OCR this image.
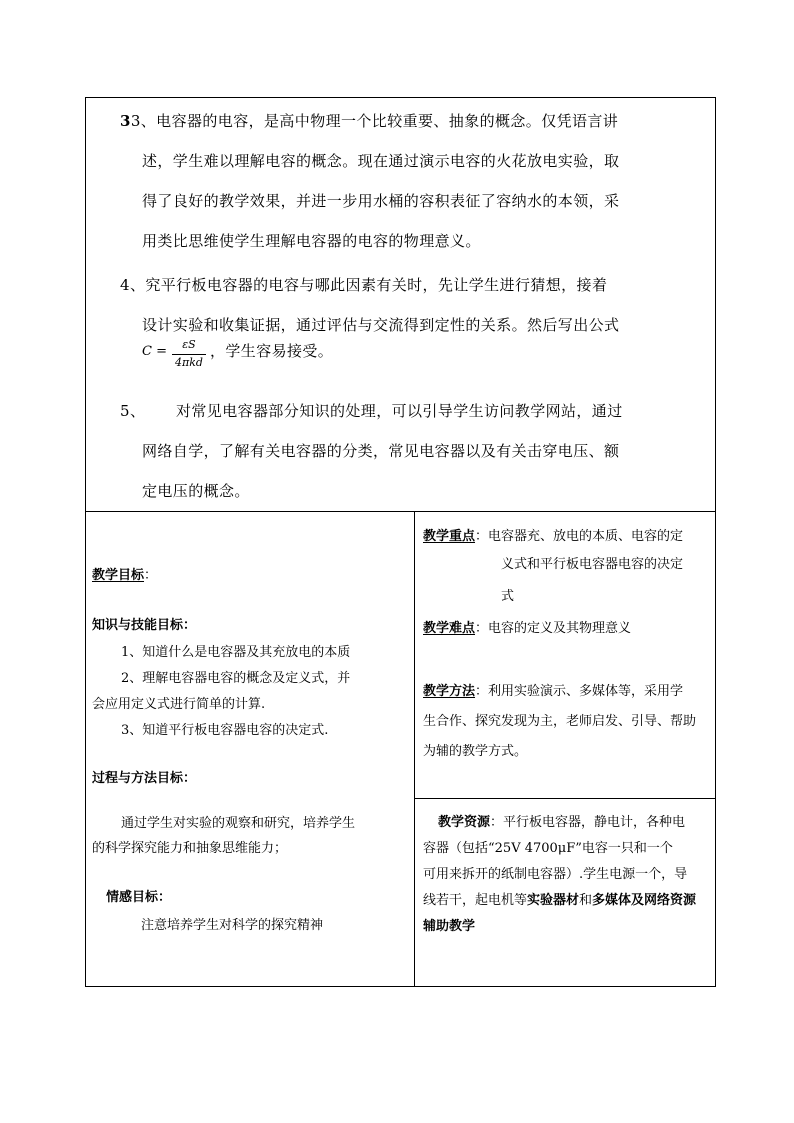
33、电容器的电容，是高中物理一个比较重要、抽象的概念。仅凭语言讲
述，学生难以理解电容的概念。现在通过演示电容的火花放电实验，取
得了良好的教学效果，并进一步用水桶的容积表征了容纳水的本领，采
用类比思维使学生理解电容器的电容的物理意义。
4、究平行板电容器的电容与哪此因素有关时，先让学生进行猜想，接着
设计实验和收集证据，通过评估与交流得到定性的关系。然后写出公式
C =	εS
4πkd
，学生容易接受。
5、 对常见电容器部分知识的处理，可以引导学生访问教学网站，通过
网络自学，了解有关电容器的分类，常见电容器以及有关击穿电压、额
定电压的概念。
教学目标：
知识与技能目标：
1、知道什么是电容器及其充放电的本质
2、理解电容器电容的概念及定义式，并
会应用定义式进行简单的计算.
3、知道平行板电容器电容的决定式.
过程与方法目标：
通过学生对实验的观察和研究，培养学生
的科学探究能力和抽象思维能力；
情感目标：
注意培养学生对科学的探究精神
教学重点：电容器充、放电的本质、电容的定
义式和平行板电容器电容的决定
式
教学难点：电容的定义及其物理意义
教学方法：利用实验演示、多媒体等，采用学
生合作、探究发现为主，老师启发、引导、帮助
为辅的教学方式。
教学资源：平行板电容器，静电计，各种电
容器（包括“25V 4700μF”电容一只和一个
可用来拆开的纸制电容器）.学生电源一个，导
线若干，起电机等实验器材和多媒体及网络资源
辅助教学
